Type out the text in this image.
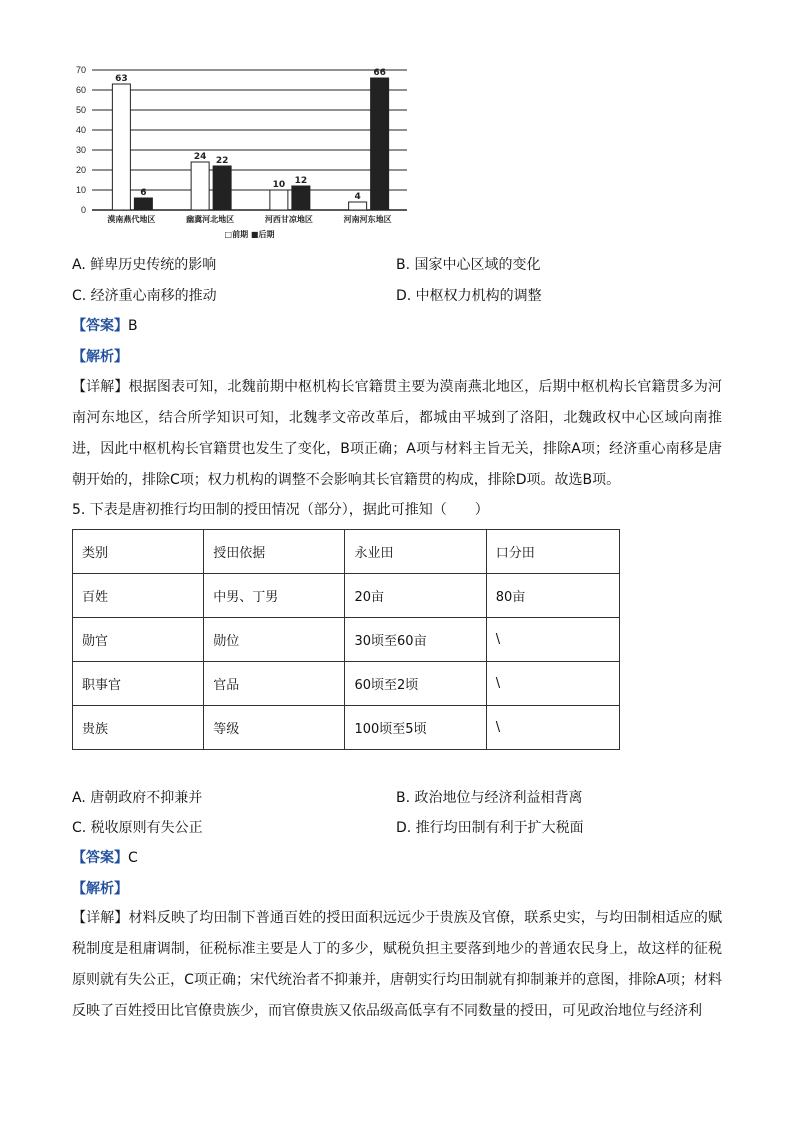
0
10
20
30
40
50
60
70
63
6
漠南燕代地区
24 22
幽冀河北地区
10 12
河西甘凉地区
4
66
河南河东地区
□前期 ■后期
A. 鲜卑历史传统的影响	B. 国家中心区域的变化
C. 经济重心南移的推动	D. 中枢权力机构的调整
【答案】B
【解析】
【详解】根据图表可知，北魏前期中枢机构长官籍贯主要为漠南燕北地区，后期中枢机构长官籍贯多为河南河东地区，结合所学知识可知，北魏孝文帝改革后，都城由平城到了洛阳，北魏政权中心区域向南推进，因此中枢机构长官籍贯也发生了变化，B项正确；A项与材料主旨无关，排除A项；经济重心南移是唐朝开始的，排除C项；权力机构的调整不会影响其长官籍贯的构成，排除D项。故选B项。
5. 下表是唐初推行均田制的授田情况（部分），据此可推知（　　）
类别	授田依据	永业田	口分田
百姓	中男、丁男	20亩	80亩
勋官	勋位	30顷至60亩	\
职事官	官品	60顷至2顷	\
贵族	等级	100顷至5顷	\
A. 唐朝政府不抑兼并	B. 政治地位与经济利益相背离
C. 税收原则有失公正	D. 推行均田制有利于扩大税面
【答案】C
【解析】
【详解】材料反映了均田制下普通百姓的授田面积远远少于贵族及官僚，联系史实，与均田制相适应的赋税制度是租庸调制，征税标准主要是人丁的多少，赋税负担主要落到地少的普通农民身上，故这样的征税原则就有失公正，C项正确；宋代统治者不抑兼并，唐朝实行均田制就有抑制兼并的意图，排除A项；材料反映了百姓授田比官僚贵族少，而官僚贵族又依品级高低享有不同数量的授田，可见政治地位与经济利
